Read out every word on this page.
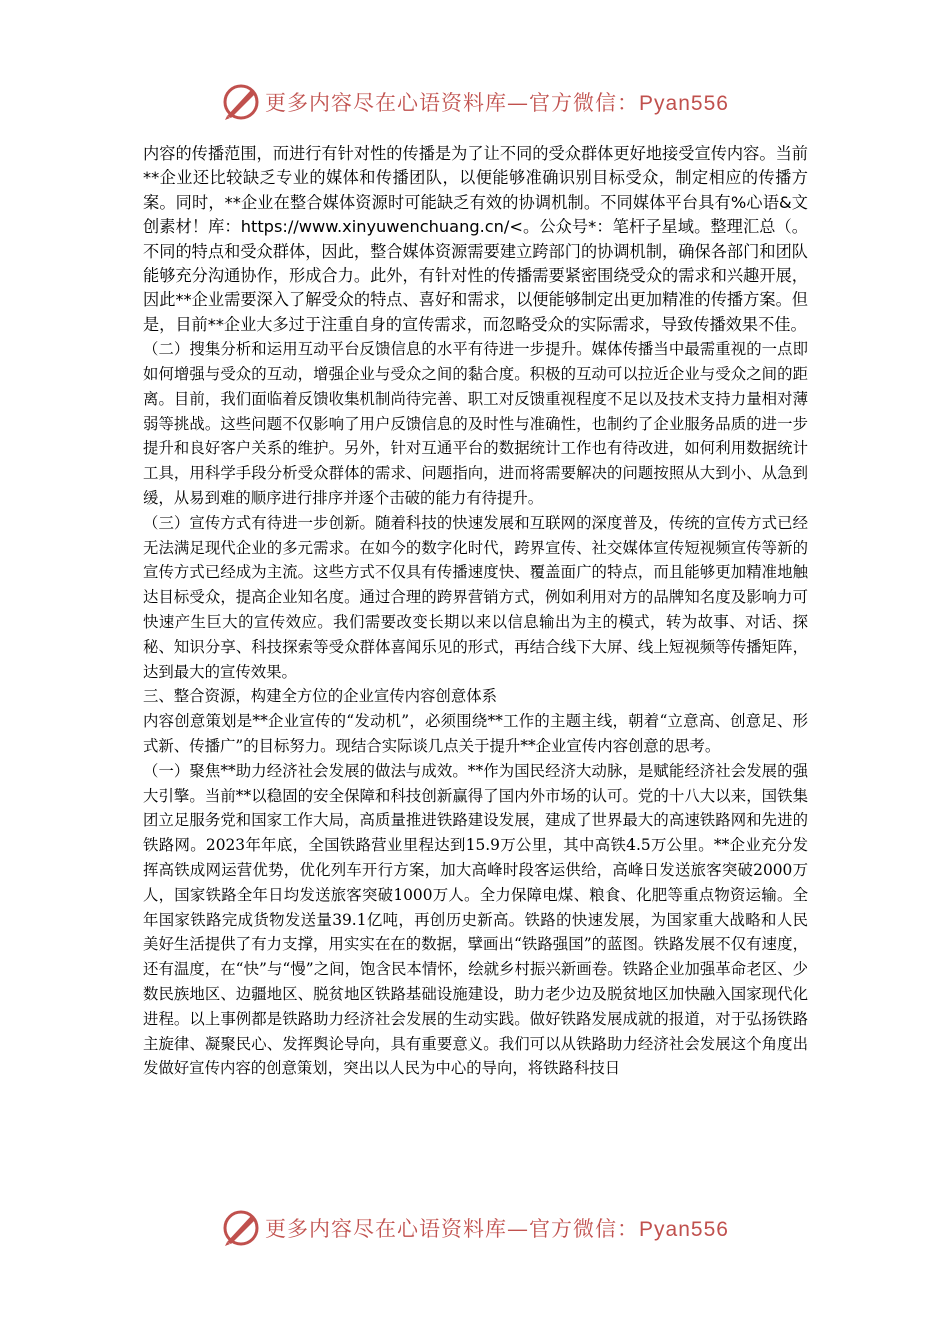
更多内容尽在心语资料库—官方微信：Pyan556

内容的传播范围，而进行有针对性的传播是为了让不同的受众群体更好地接受宣传内容。当前**企业还比较缺乏专业的媒体和传播团队，以便能够准确识别目标受众，制定相应的传播方案。同时，**企业在整合媒体资源时可能缺乏有效的协调机制。不同媒体平台具有%心语&文创素材！库：https://www.xinyuwenchuang.cn/<。公众号*：笔杆子星域。整理汇总（。不同的特点和受众群体，因此，整合媒体资源需要建立跨部门的协调机制，确保各部门和团队能够充分沟通协作，形成合力。此外，有针对性的传播需要紧密围绕受众的需求和兴趣开展，因此**企业需要深入了解受众的特点、喜好和需求，以便能够制定出更加精准的传播方案。但是，目前**企业大多过于注重自身的宣传需求，而忽略受众的实际需求，导致传播效果不佳。

（二）搜集分析和运用互动平台反馈信息的水平有待进一步提升。媒体传播当中最需重视的一点即如何增强与受众的互动，增强企业与受众之间的黏合度。积极的互动可以拉近企业与受众之间的距离。目前，我们面临着反馈收集机制尚待完善、职工对反馈重视程度不足以及技术支持力量相对薄弱等挑战。这些问题不仅影响了用户反馈信息的及时性与准确性，也制约了企业服务品质的进一步提升和良好客户关系的维护。另外，针对互通平台的数据统计工作也有待改进，如何利用数据统计工具，用科学手段分析受众群体的需求、问题指向，进而将需要解决的问题按照从大到小、从急到缓，从易到难的顺序进行排序并逐个击破的能力有待提升。

（三）宣传方式有待进一步创新。随着科技的快速发展和互联网的深度普及，传统的宣传方式已经无法满足现代企业的多元需求。在如今的数字化时代，跨界宣传、社交媒体宣传短视频宣传等新的宣传方式已经成为主流。这些方式不仅具有传播速度快、覆盖面广的特点，而且能够更加精准地触达目标受众，提高企业知名度。通过合理的跨界营销方式，例如利用对方的品牌知名度及影响力可快速产生巨大的宣传效应。我们需要改变长期以来以信息输出为主的模式，转为故事、对话、探秘、知识分享、科技探索等受众群体喜闻乐见的形式，再结合线下大屏、线上短视频等传播矩阵，达到最大的宣传效果。

三、整合资源，构建全方位的企业宣传内容创意体系

内容创意策划是**企业宣传的“发动机”，必须围绕**工作的主题主线，朝着“立意高、创意足、形式新、传播广”的目标努力。现结合实际谈几点关于提升**企业宣传内容创意的思考。

（一）聚焦**助力经济社会发展的做法与成效。**作为国民经济大动脉，是赋能经济社会发展的强大引擎。当前**以稳固的安全保障和科技创新赢得了国内外市场的认可。党的十八大以来，国铁集团立足服务党和国家工作大局，高质量推进铁路建设发展，建成了世界最大的高速铁路网和先进的铁路网。2023年年底，全国铁路营业里程达到15.9万公里，其中高铁4.5万公里。**企业充分发挥高铁成网运营优势，优化列车开行方案，加大高峰时段客运供给，高峰日发送旅客突破2000万人，国家铁路全年日均发送旅客突破1000万人。全力保障电煤、粮食、化肥等重点物资运输。全年国家铁路完成货物发送量39.1亿吨，再创历史新高。铁路的快速发展，为国家重大战略和人民美好生活提供了有力支撑，用实实在在的数据，擘画出“铁路强国”的蓝图。铁路发展不仅有速度，还有温度，在“快”与“慢”之间，饱含民本情怀，绘就乡村振兴新画卷。铁路企业加强革命老区、少数民族地区、边疆地区、脱贫地区铁路基础设施建设，助力老少边及脱贫地区加快融入国家现代化进程。以上事例都是铁路助力经济社会发展的生动实践。做好铁路发展成就的报道，对于弘扬铁路主旋律、凝聚民心、发挥舆论导向，具有重要意义。我们可以从铁路助力经济社会发展这个角度出发做好宣传内容的创意策划，突出以人民为中心的导向，将铁路科技日

更多内容尽在心语资料库—官方微信：Pyan556
